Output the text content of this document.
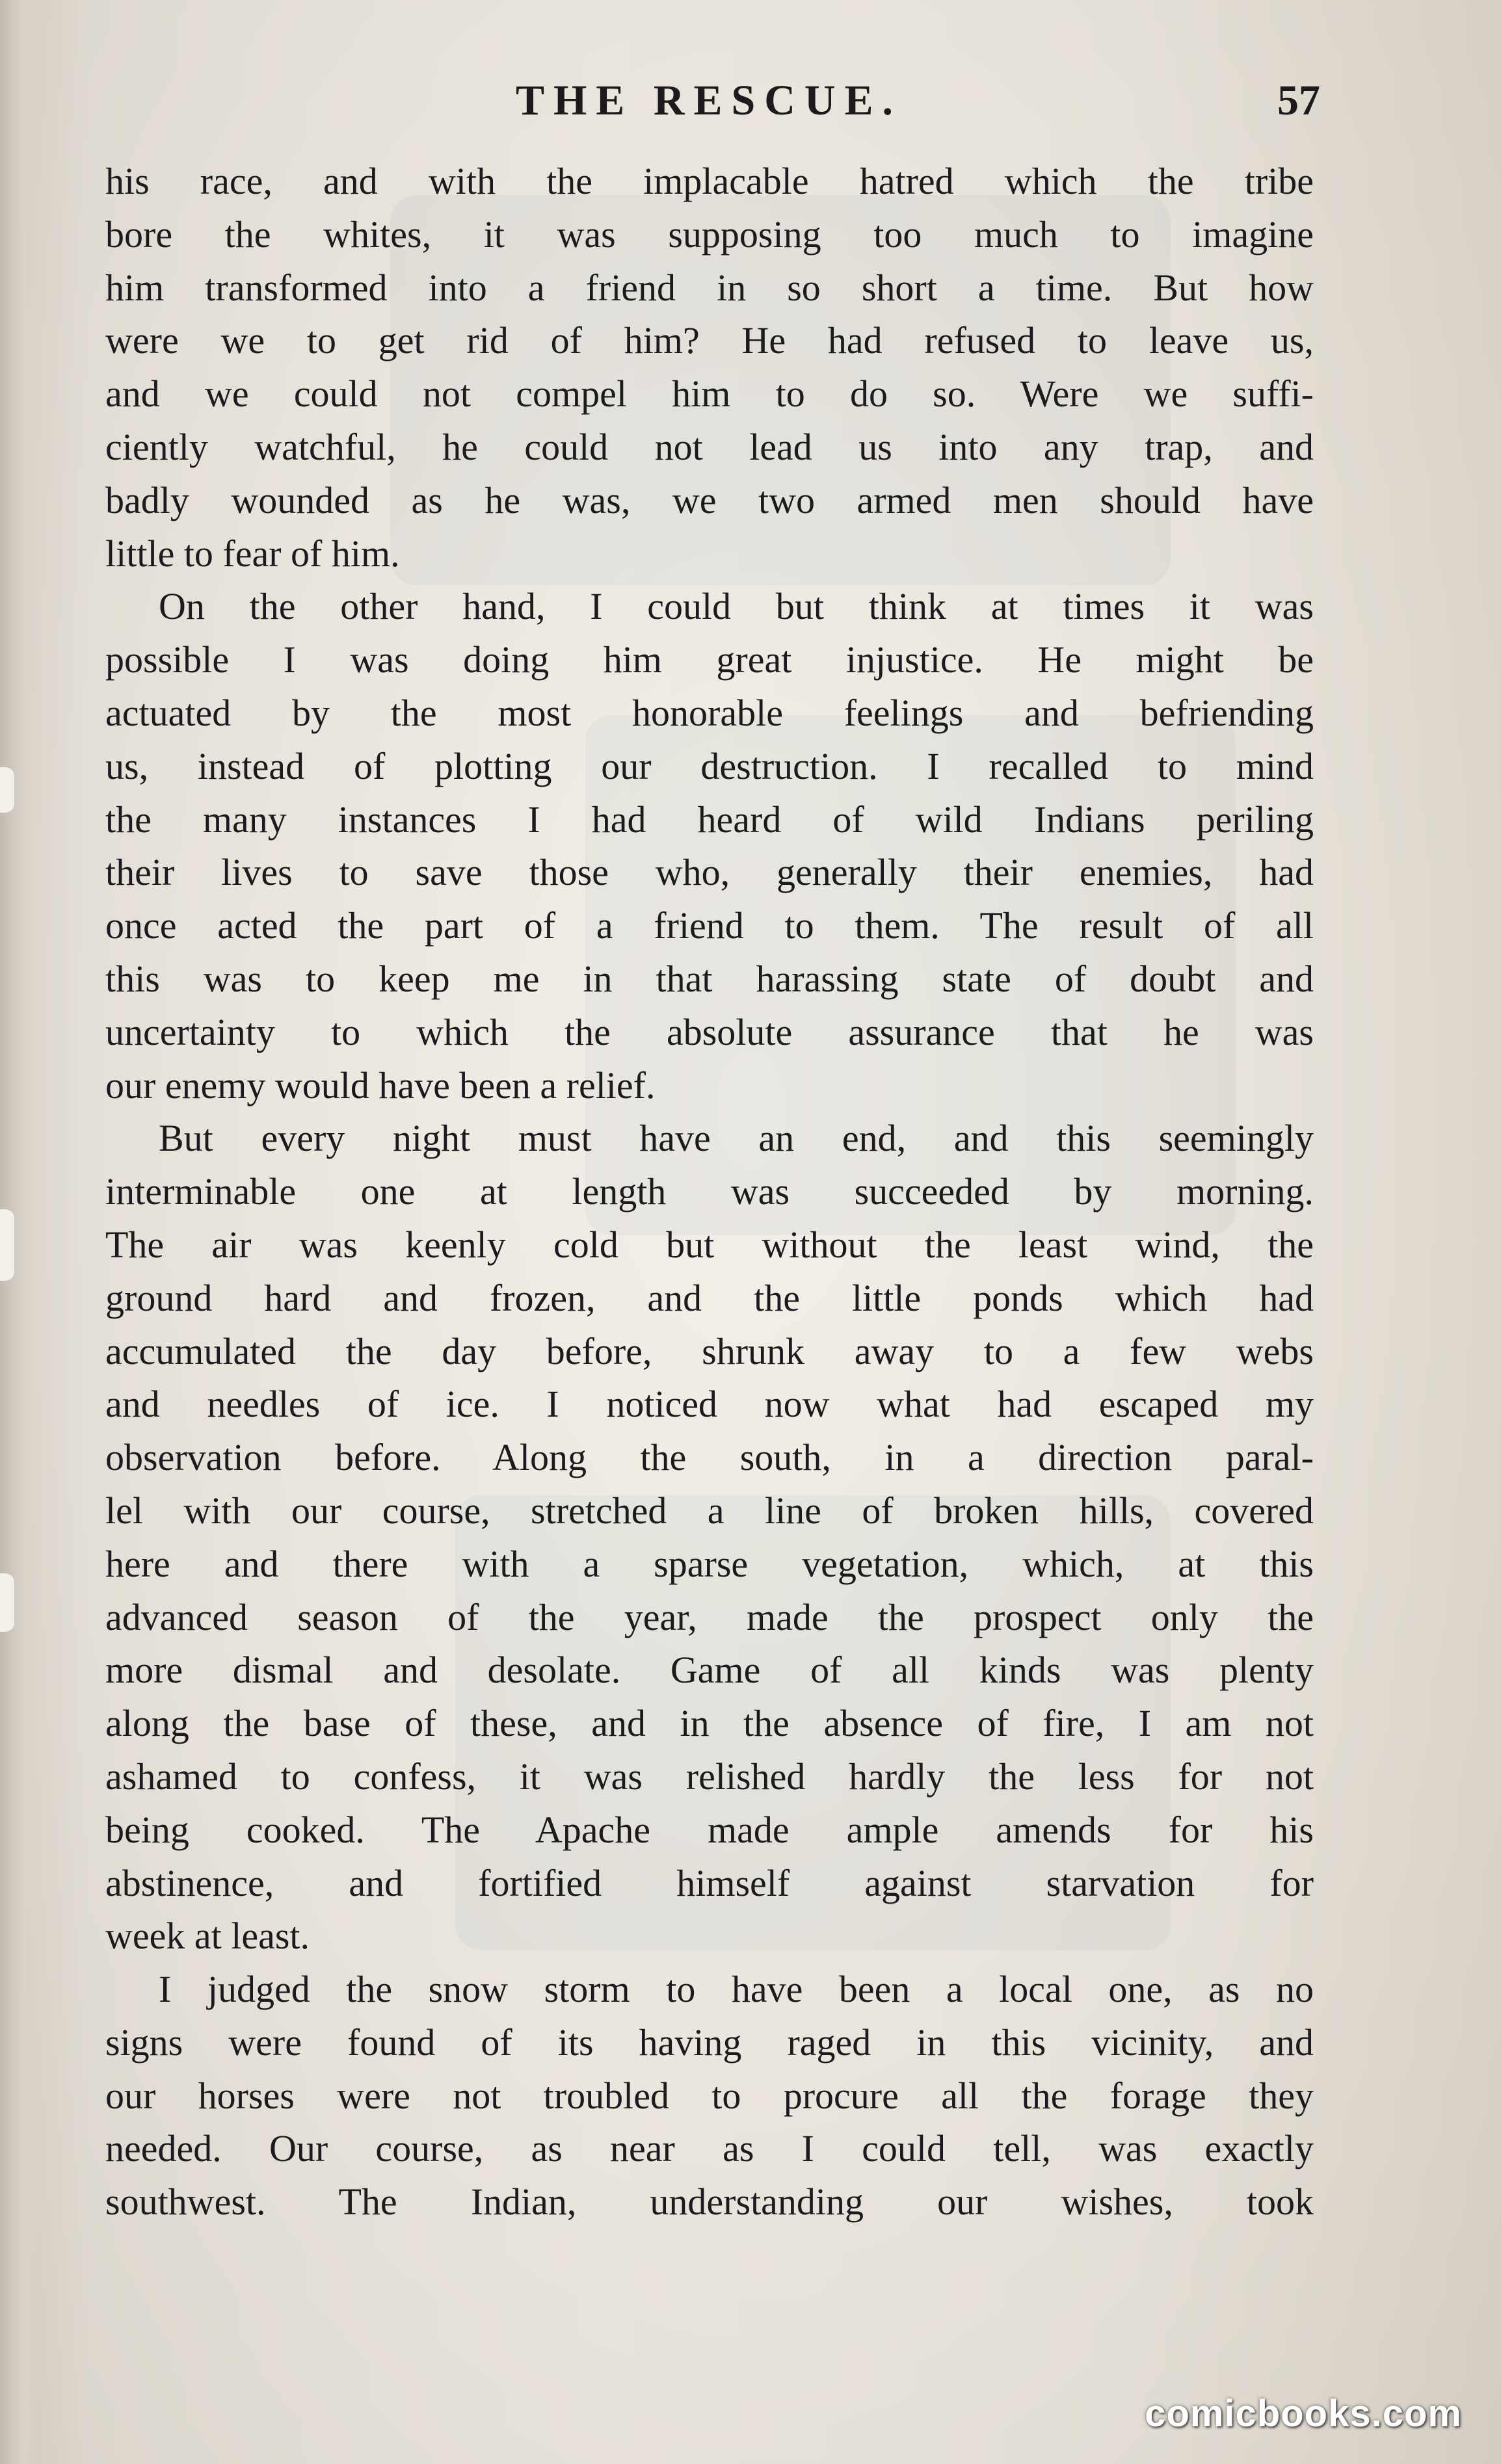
THE RESCUE.	57
his race, and with the implacable hatred which the tribe
bore the whites, it was supposing too much to imagine
him transformed into a friend in so short a time. But how
were we to get rid of him? He had refused to leave us,
and we could not compel him to do so. Were we suffi-
ciently watchful, he could not lead us into any trap, and
badly wounded as he was, we two armed men should have
little to fear of him.
On the other hand, I could but think at times it was
possible I was doing him great injustice. He might be
actuated by the most honorable feelings and befriending
us, instead of plotting our destruction. I recalled to mind
the many instances I had heard of wild Indians periling
their lives to save those who, generally their enemies, had
once acted the part of a friend to them. The result of all
this was to keep me in that harassing state of doubt and
uncertainty to which the absolute assurance that he was
our enemy would have been a relief.
But every night must have an end, and this seemingly
interminable one at length was succeeded by morning.
The air was keenly cold but without the least wind, the
ground hard and frozen, and the little ponds which had
accumulated the day before, shrunk away to a few webs
and needles of ice. I noticed now what had escaped my
observation before. Along the south, in a direction paral-
lel with our course, stretched a line of broken hills, covered
here and there with a sparse vegetation, which, at this
advanced season of the year, made the prospect only the
more dismal and desolate. Game of all kinds was plenty
along the base of these, and in the absence of fire, I am not
ashamed to confess, it was relished hardly the less for not
being cooked. The Apache made ample amends for his
abstinence, and fortified himself against starvation for
week at least.
I judged the snow storm to have been a local one, as no
signs were found of its having raged in this vicinity, and
our horses were not troubled to procure all the forage they
needed. Our course, as near as I could tell, was exactly
southwest. The Indian, understanding our wishes, took
comicbooks.com
